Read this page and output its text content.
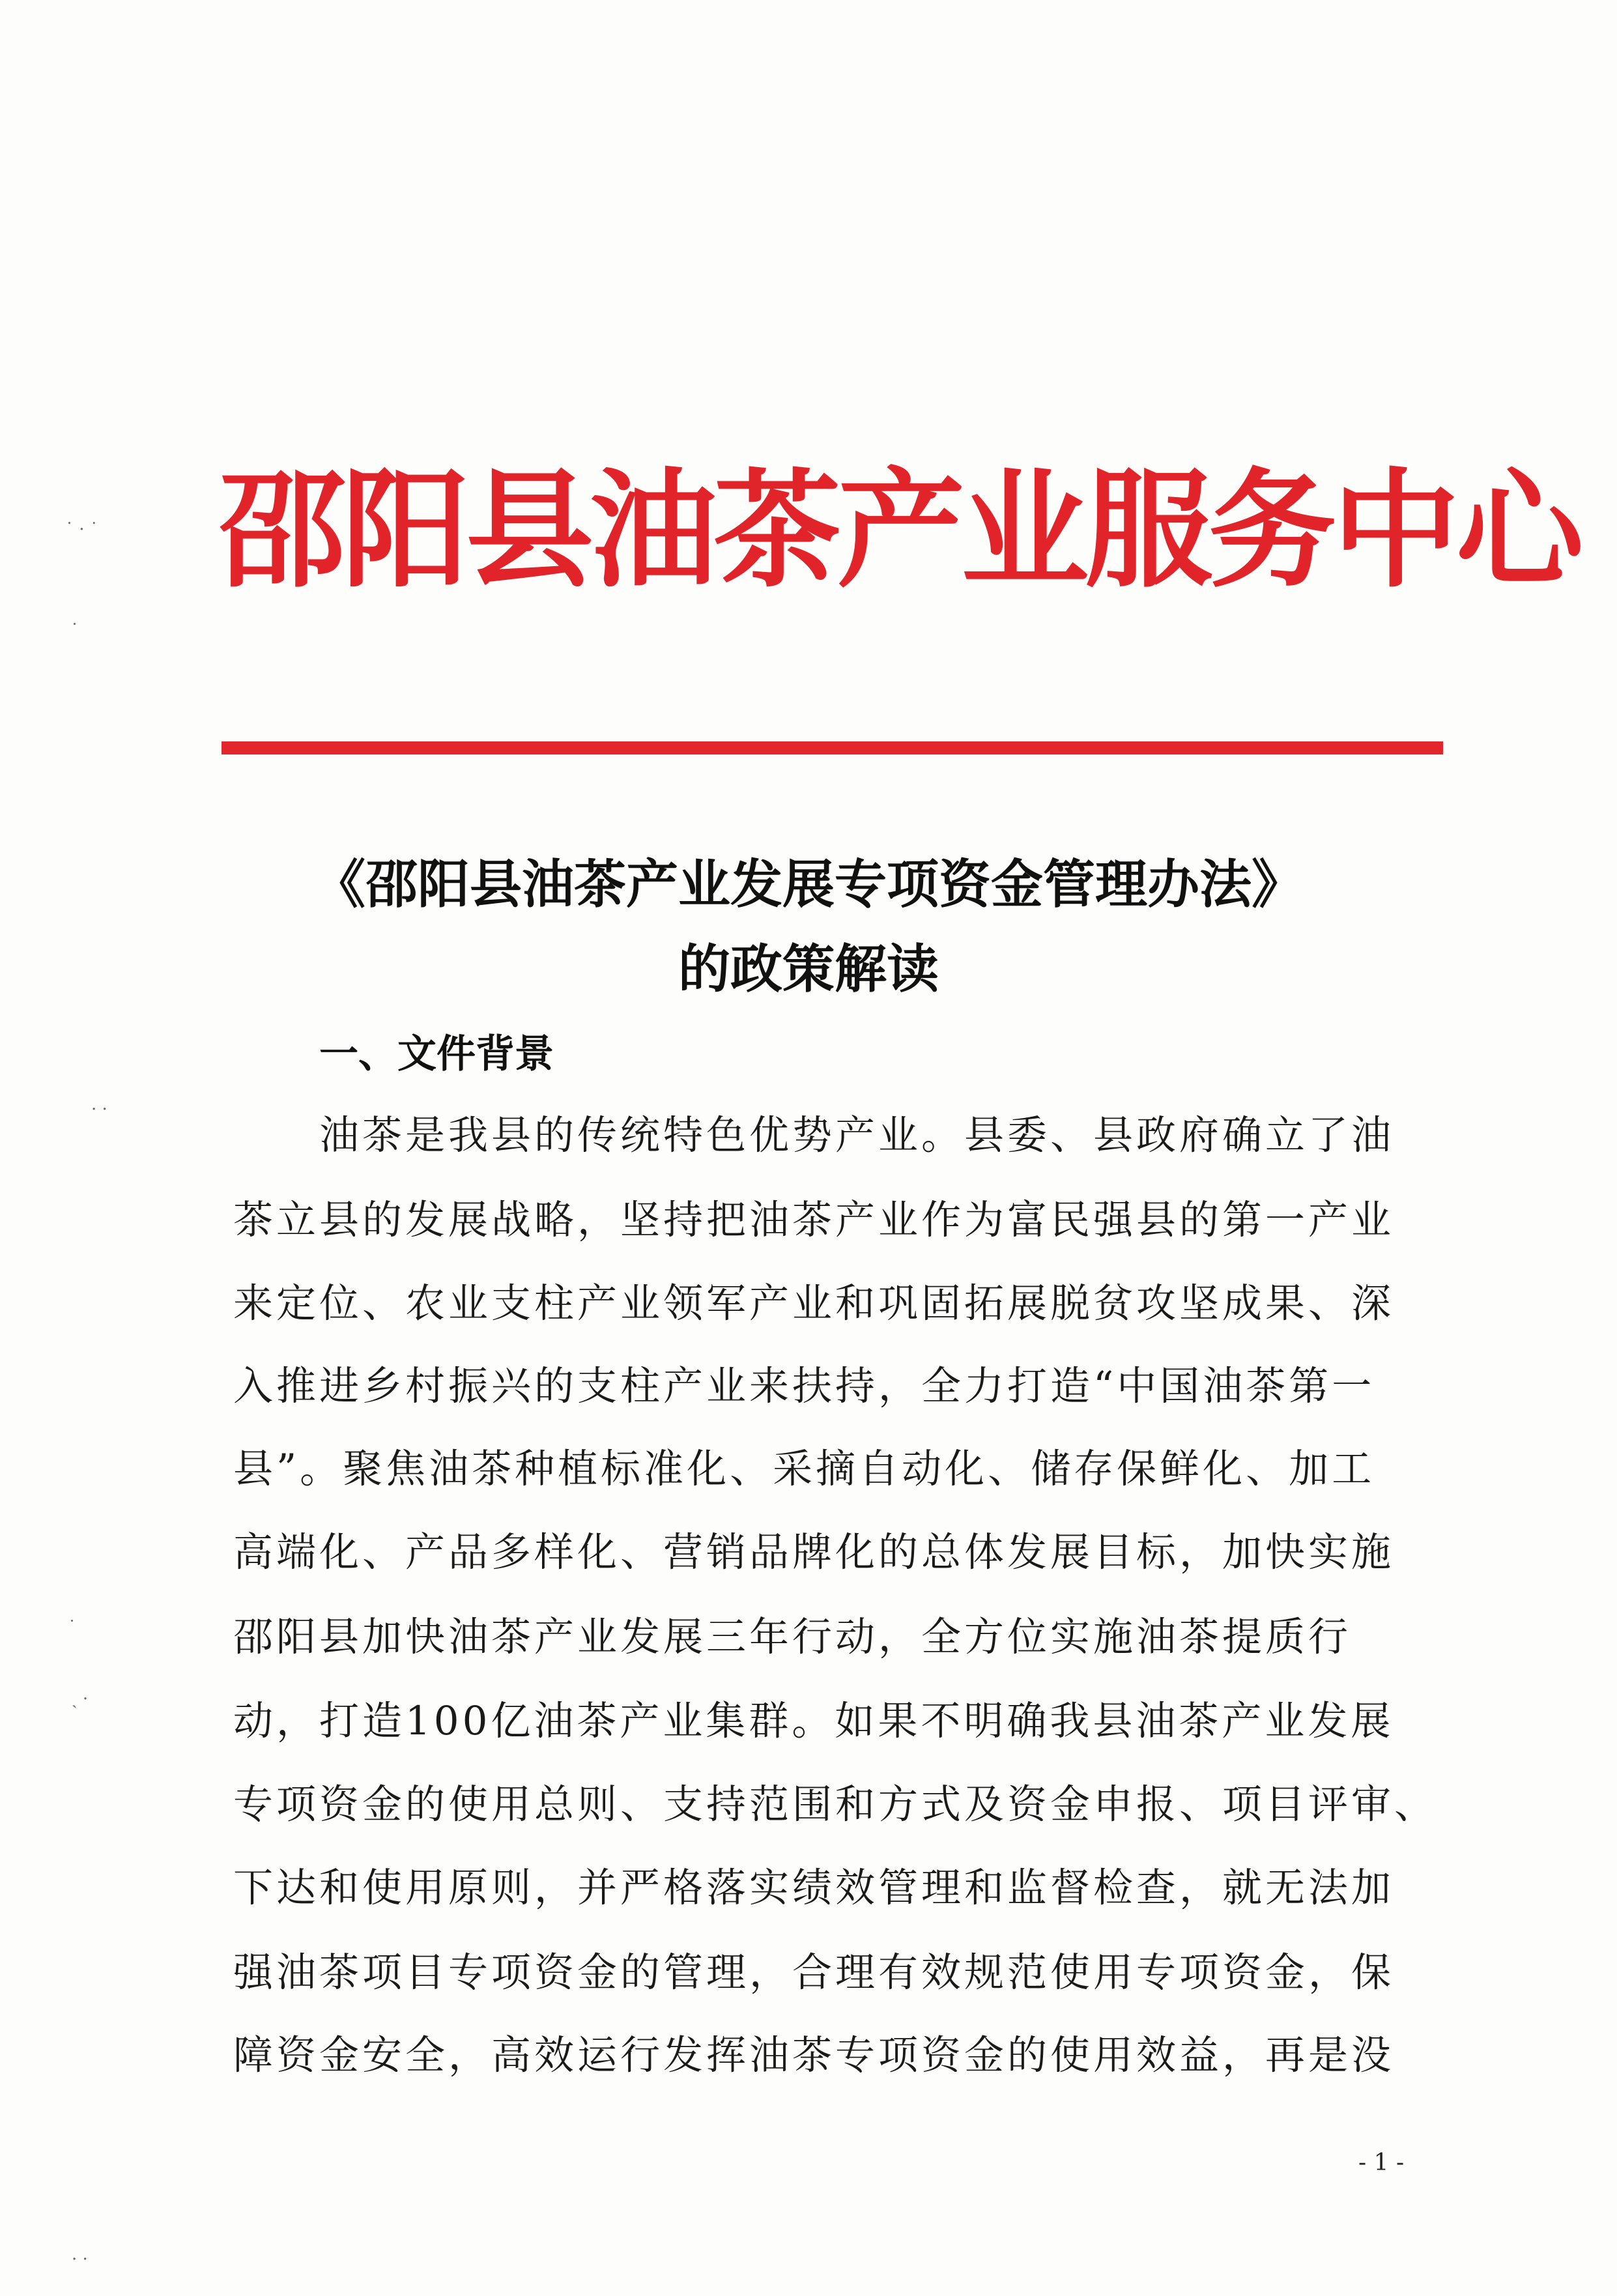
邵阳县油茶产业服务中心
《邵阳县油茶产业发展专项资金管理办法》
的政策解读
一、文件背景
油茶是我县的传统特色优势产业。县委、县政府确立了油
茶立县的发展战略，坚持把油茶产业作为富民强县的第一产业
来定位、农业支柱产业领军产业和巩固拓展脱贫攻坚成果、深
入推进乡村振兴的支柱产业来扶持，全力打造“中国油茶第一
县”。聚焦油茶种植标准化、采摘自动化、储存保鲜化、加工
高端化、产品多样化、营销品牌化的总体发展目标，加快实施
邵阳县加快油茶产业发展三年行动，全方位实施油茶提质行
动，打造100亿油茶产业集群。如果不明确我县油茶产业发展
专项资金的使用总则、支持范围和方式及资金申报、项目评审、
下达和使用原则，并严格落实绩效管理和监督检查，就无法加
强油茶项目专项资金的管理，合理有效规范使用专项资金，保
障资金安全，高效运行发挥油茶专项资金的使用效益，再是没
- 1 -
˙ · ˙
˙
· ·
˙
ˎ ·
· ·
